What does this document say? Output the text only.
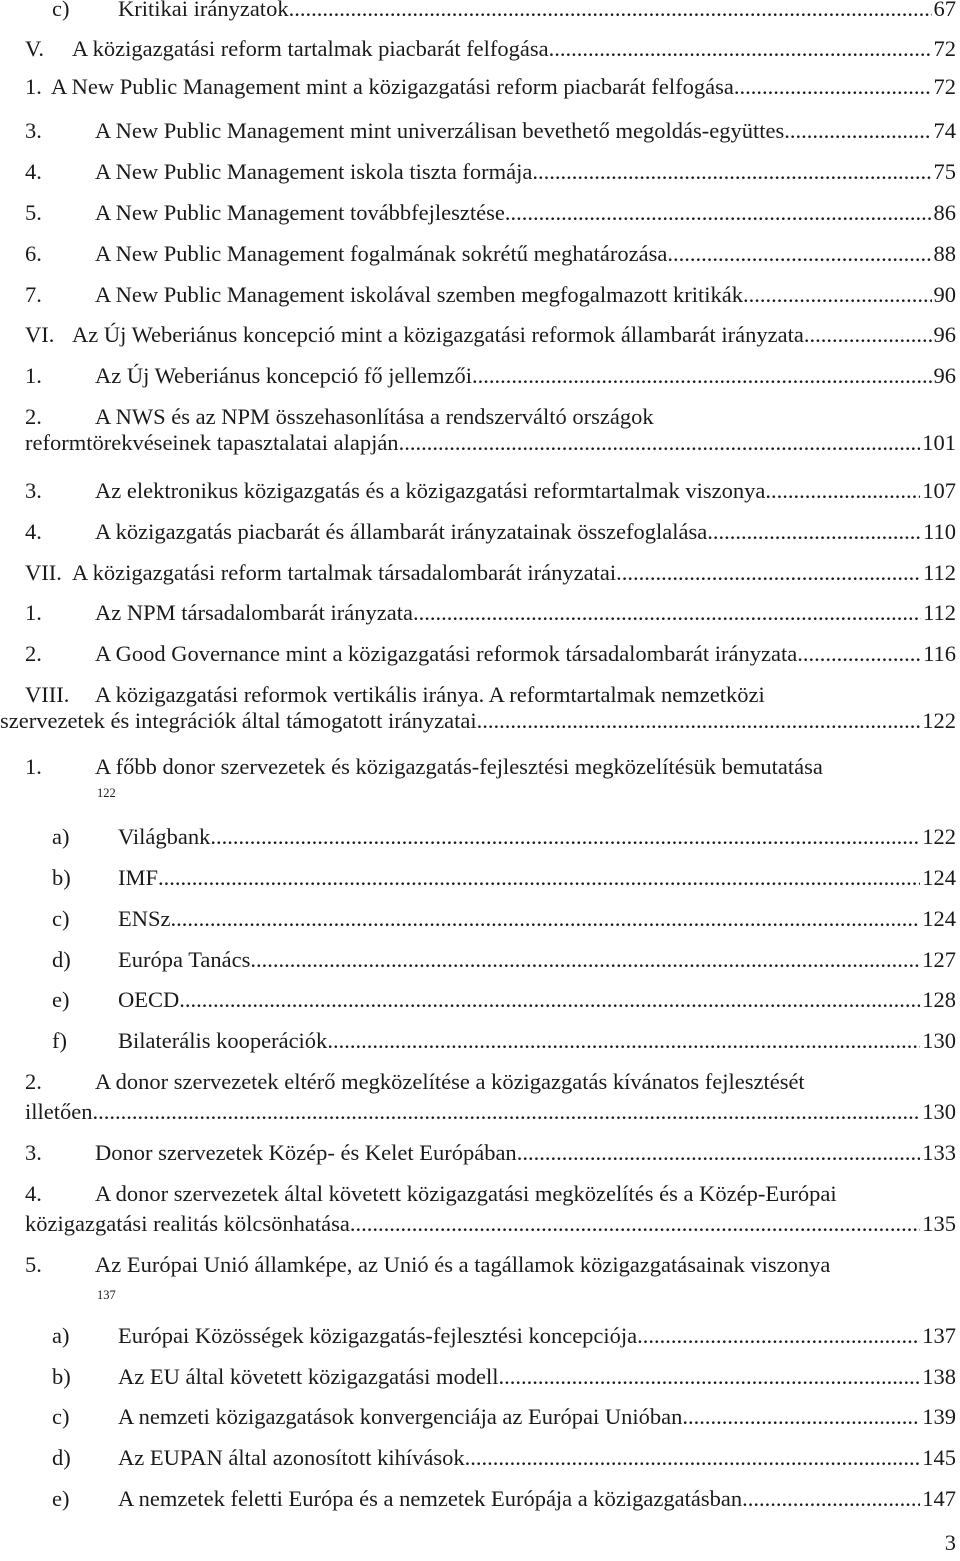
c)	Kritikai irányzatok .....	67
V.	A közigazgatási reform tartalmak piacbarát felfogása .....	72
1. A New Public Management mint a közigazgatási reform piacbarát felfogása .....	72
3.	A New Public Management mint univerzálisan bevethető megoldás-együttes .....	74
4.	A New Public Management iskola tiszta formája .....	75
5.	A New Public Management továbbfejlesztése .....	86
6.	A New Public Management fogalmának sokrétű meghatározása .....	88
7.	A New Public Management iskolával szemben megfogalmazott kritikák .....	90
VI. Az Új Weberiánus koncepció mint a közigazgatási reformok állambarát irányzata .....	96
1.	Az Új Weberiánus koncepció fő jellemzői .....	96
2.	A NWS és az NPM összehasonlítása a rendszerváltó országok
reformtörekvéseinek tapasztalatai alapján .....	101
3.	Az elektronikus közigazgatás és a közigazgatási reformtartalmak viszonya .....	107
4.	A közigazgatás piacbarát és állambarát irányzatainak összefoglalása .....	110
VII. A közigazgatási reform tartalmak társadalombarát irányzatai .....	112
1.	Az NPM társadalombarát irányzata .....	112
2.	A Good Governance mint a közigazgatási reformok társadalombarát irányzata. .....	116
VIII.	A közigazgatási reformok vertikális iránya. A reformtartalmak nemzetközi
szervezetek és integrációk által támogatott irányzatai .....	122
1.	A főbb donor szervezetek és közigazgatás-fejlesztési megközelítésük bemutatása
122
a)	Világbank .....	122
b)	IMF .....	124
c)	ENSz .....	124
d)	Európa Tanács .....	127
e)	OECD .....	128
f)	Bilaterális kooperációk .....	130
2.	A donor szervezetek eltérő megközelítése a közigazgatás kívánatos fejlesztését
illetően .....	130
3.	Donor szervezetek Közép- és Kelet Európában .....	133
4.	A donor szervezetek által követett közigazgatási megközelítés és a Közép-Európai
közigazgatási realitás kölcsönhatása .....	135
5.	Az Európai Unió államképe, az Unió és a tagállamok közigazgatásainak viszonya
137
a)	Európai Közösségek közigazgatás-fejlesztési koncepciója .....	137
b)	Az EU által követett közigazgatási modell .....	138
c)	A nemzeti közigazgatások konvergenciája az Európai Unióban .....	139
d)	Az EUPAN által azonosított kihívások .....	145
e)	A nemzetek feletti Európa és a nemzetek Európája a közigazgatásban .....	147
3
